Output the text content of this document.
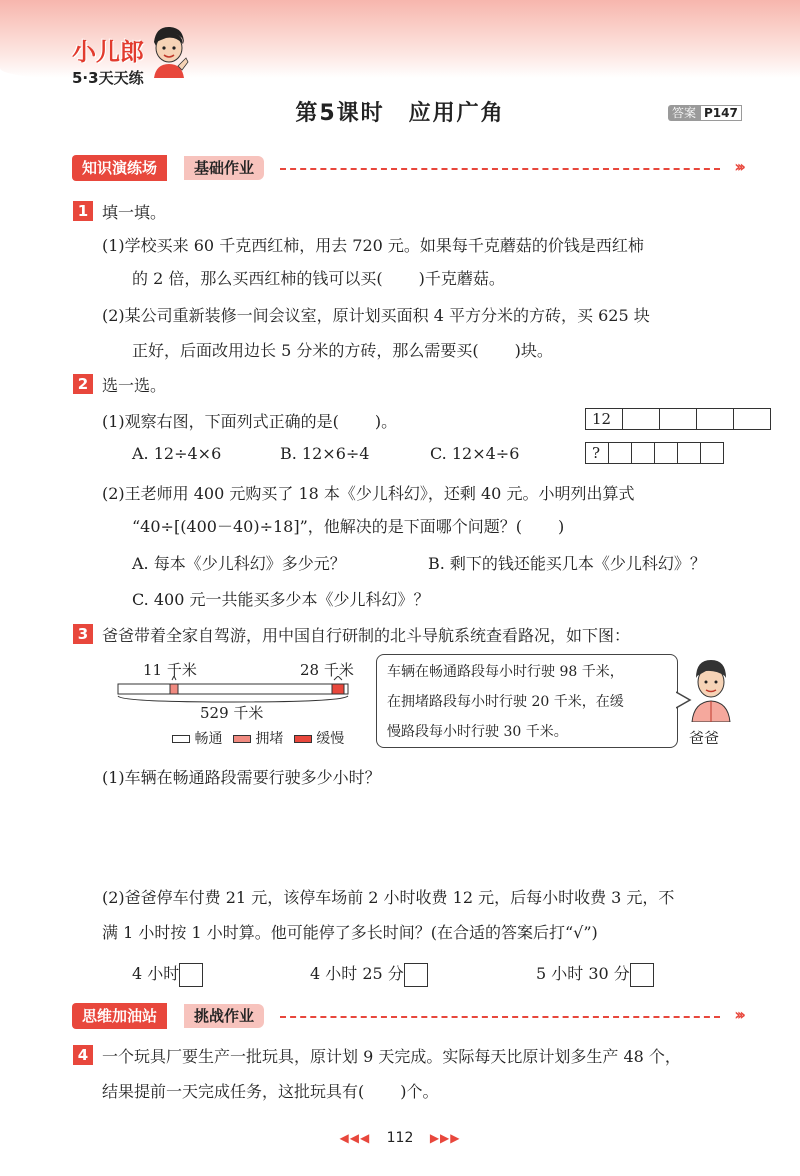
小儿郎
5·3天天练
第5课时　应用广角	答案 P147
知识演练场	基础作业	›››
1 填一填。
(1)学校买来 60 千克西红柿，用去 720 元。如果每千克蘑菇的价钱是西红柿
的 2 倍，那么买西红柿的钱可以买( )千克蘑菇。
(2)某公司重新装修一间会议室，原计划买面积 4 平方分米的方砖，买 625 块
正好，后面改用边长 5 分米的方砖，那么需要买( )块。
2 选一选。
(1)观察右图，下面列式正确的是( )。
A. 12÷4×6	B. 12×6÷4	C. 12×4÷6
12				
?					
(2)王老师用 400 元购买了 18 本《少儿科幻》，还剩 40 元。小明列出算式
“40÷[(400－40)÷18]”，他解决的是下面哪个问题？( )
A. 每本《少儿科幻》多少元？	B. 剩下的钱还能买几本《少儿科幻》？
C. 400 元一共能买多少本《少儿科幻》？
3 爸爸带着全家自驾游，用中国自行研制的北斗导航系统查看路况，如下图：
11 千米	28 千米
529 千米
畅通 拥堵 缓慢
车辆在畅通路段每小时行驶 98 千米，
在拥堵路段每小时行驶 20 千米，在缓
慢路段每小时行驶 30 千米。	爸爸
(1)车辆在畅通路段需要行驶多少小时？
(2)爸爸停车付费 21 元，该停车场前 2 小时收费 12 元，后每小时收费 3 元，不
满 1 小时按 1 小时算。他可能停了多长时间？(在合适的答案后打“√”)
4 小时	4 小时 25 分	5 小时 30 分
思维加油站	挑战作业	›››
4 一个玩具厂要生产一批玩具，原计划 9 天完成。实际每天比原计划多生产 48 个，
结果提前一天完成任务，这批玩具有( )个。
◀◀◀ 112 ▶▶▶
